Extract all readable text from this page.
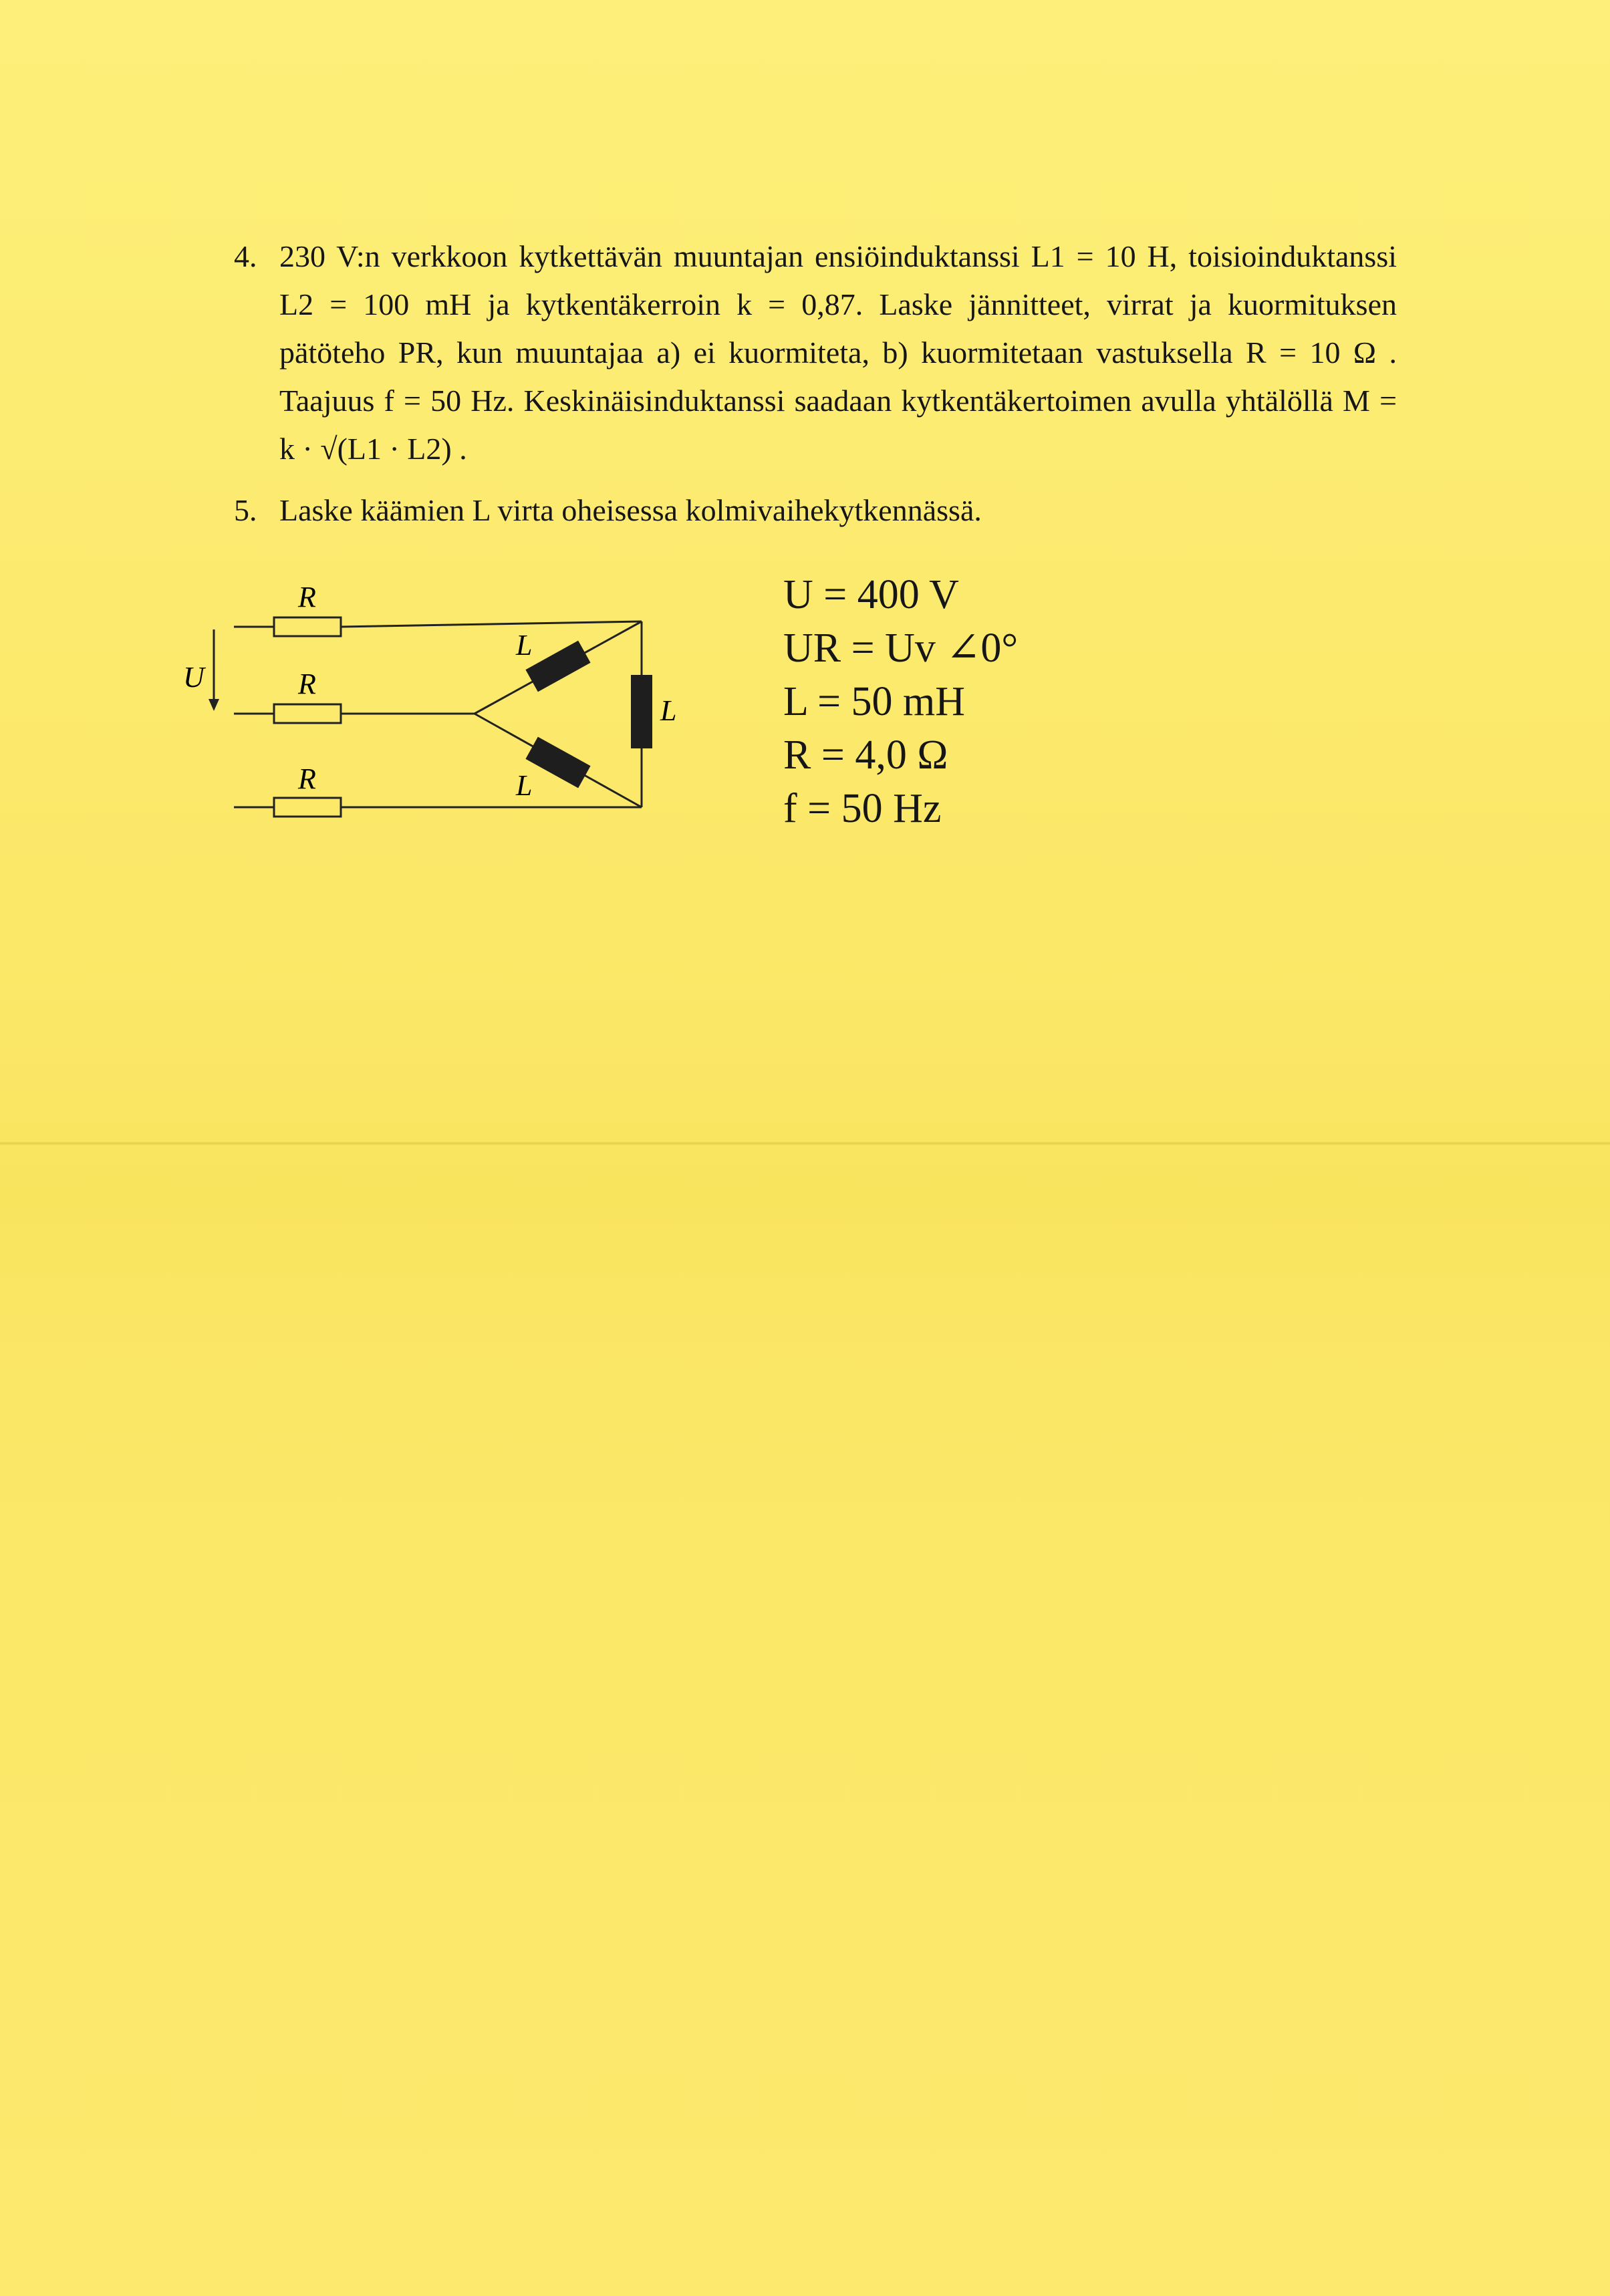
4. 230 V:n verkkoon kytkettävän muuntajan ensiöinduktanssi L1 = 10 H, toisioinduktanssi L2 = 100 mH ja kytkentäkerroin k = 0,87. Laske jännitteet, virrat ja kuormituksen pätöteho PR, kun muuntajaa a) ei kuormiteta, b) kuormitetaan vastuksella R = 10 Ω . Taajuus f = 50 Hz. Keskinäisinduktanssi saadaan kytkentäkertoimen avulla yhtälöllä M = k · √(L1 · L2) .
5. Laske käämien L virta oheisessa kolmivaihekytkennässä.
R
R
R
L
L
L
U
U = 400 V
UR = Uv ∠0°
L = 50 mH
R = 4,0 Ω
f = 50 Hz
